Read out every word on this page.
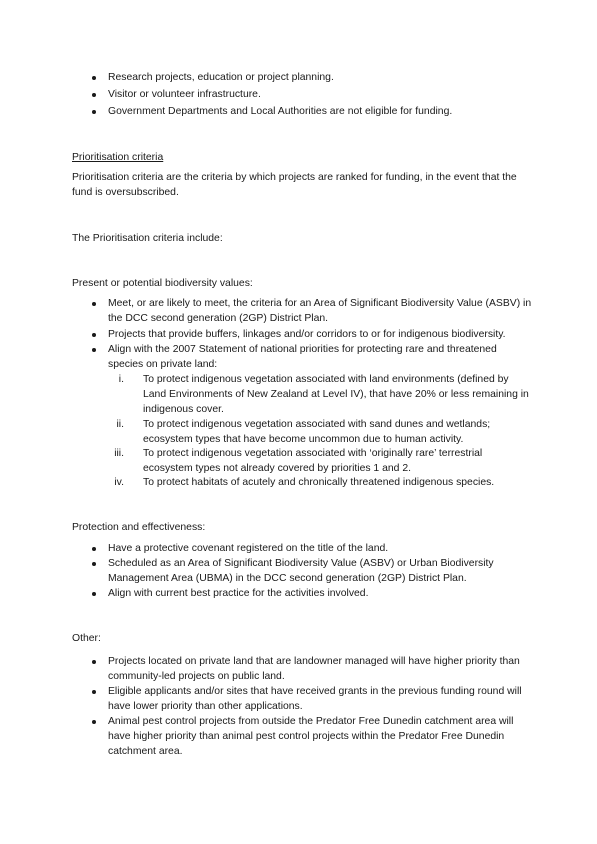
Research projects, education or project planning.
Visitor or volunteer infrastructure.
Government Departments and Local Authorities are not eligible for funding.
Prioritisation criteria
Prioritisation criteria are the criteria by which projects are ranked for funding, in the event that the
fund is oversubscribed.
The Prioritisation criteria include:
Present or potential biodiversity values:
Meet, or are likely to meet, the criteria for an Area of Significant Biodiversity Value (ASBV) in
the DCC second generation (2GP) District Plan.
Projects that provide buffers, linkages and/or corridors to or for indigenous biodiversity.
Align with the 2007 Statement of national priorities for protecting rare and threatened
species on private land:
i. To protect indigenous vegetation associated with land environments (defined by
Land Environments of New Zealand at Level IV), that have 20% or less remaining in
indigenous cover.
ii. To protect indigenous vegetation associated with sand dunes and wetlands;
ecosystem types that have become uncommon due to human activity.
iii. To protect indigenous vegetation associated with ‘originally rare’ terrestrial
ecosystem types not already covered by priorities 1 and 2.
iv. To protect habitats of acutely and chronically threatened indigenous species.
Protection and effectiveness:
Have a protective covenant registered on the title of the land.
Scheduled as an Area of Significant Biodiversity Value (ASBV) or Urban Biodiversity
Management Area (UBMA) in the DCC second generation (2GP) District Plan.
Align with current best practice for the activities involved.
Other:
Projects located on private land that are landowner managed will have higher priority than
community-led projects on public land.
Eligible applicants and/or sites that have received grants in the previous funding round will
have lower priority than other applications.
Animal pest control projects from outside the Predator Free Dunedin catchment area will
have higher priority than animal pest control projects within the Predator Free Dunedin
catchment area.
